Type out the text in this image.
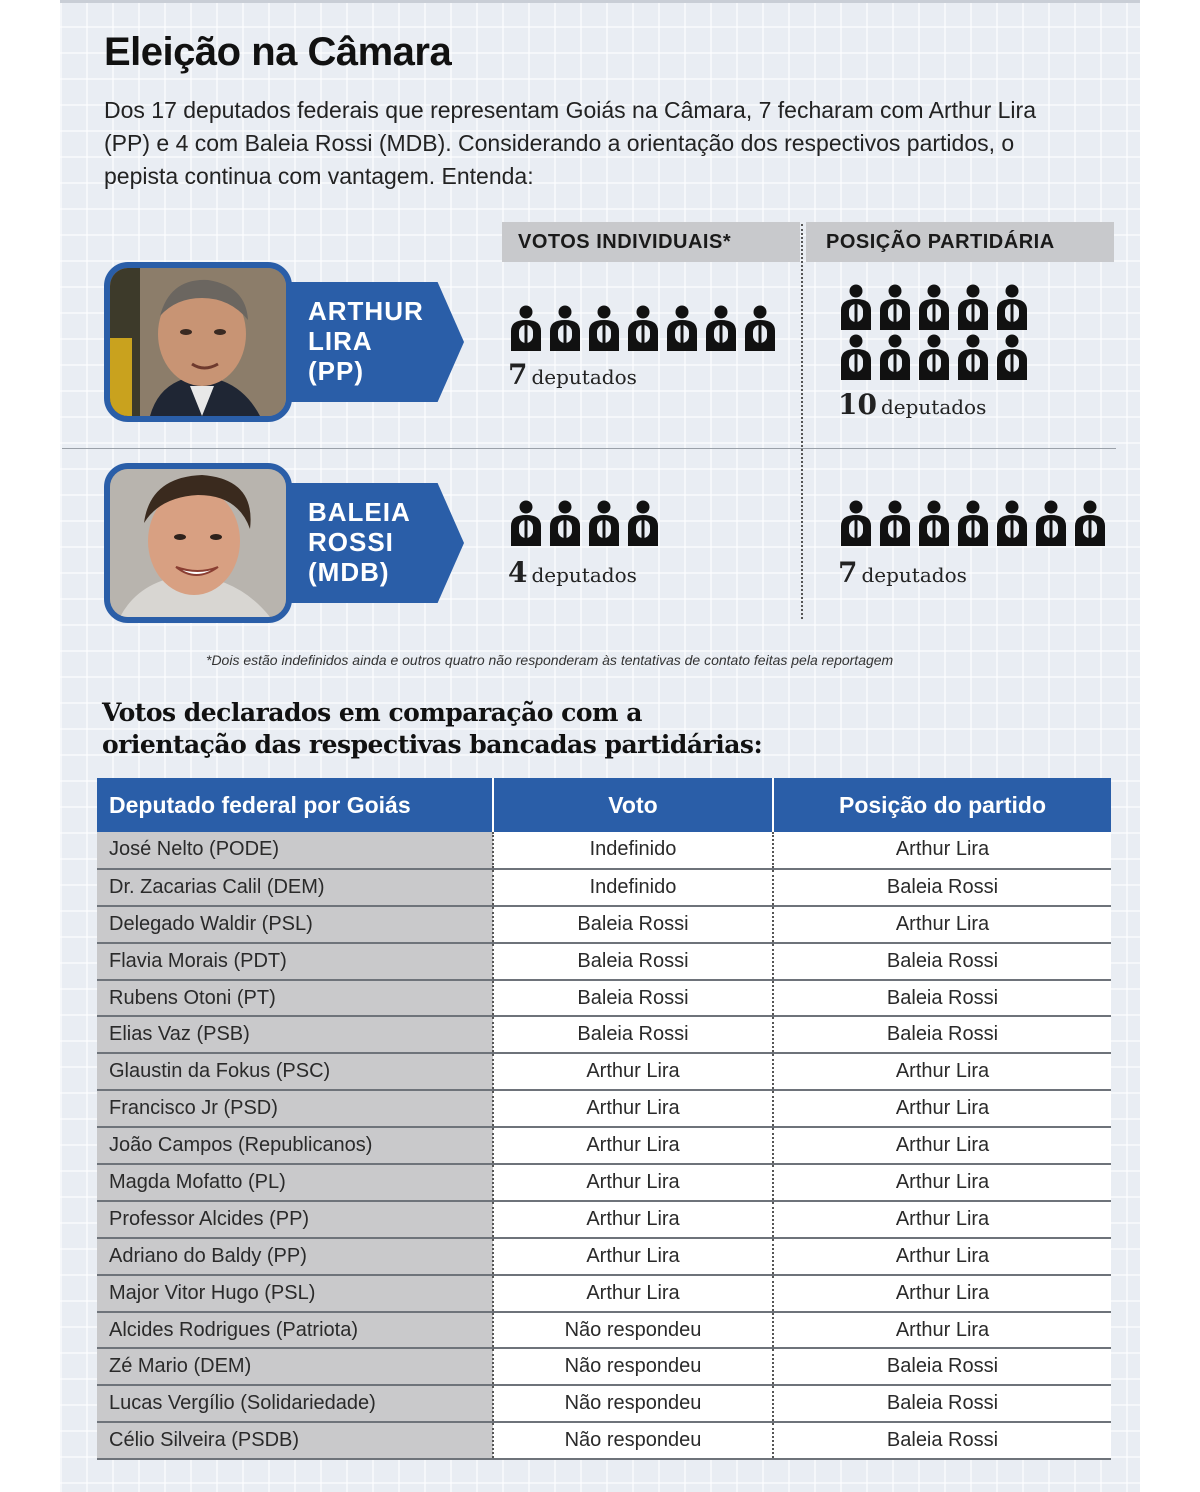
Eleição na Câmara

Dos 17 deputados federais que representam Goiás na Câmara, 7 fecharam com Arthur Lira (PP) e 4 com Baleia Rossi (MDB). Considerando a orientação dos respectivos partidos, o pepista continua com vantagem. Entenda:

VOTOS INDIVIDUAIS*	POSIÇÃO PARTIDÁRIA
ARTHUR
LIRA
(PP)
BALEIA
ROSSI
(MDB)
7 deputados
10 deputados
4 deputados	7 deputados

*Dois estão indefinidos ainda e outros quatro não responderam às tentativas de contato feitas pela reportagem

Votos declarados em comparação com a
orientação das respectivas bancadas partidárias:
Deputado federal por Goiás	Voto	Posição do partido
José Nelto (PODE)	Indefinido	Arthur Lira
Dr. Zacarias Calil (DEM)	Indefinido	Baleia Rossi
Delegado Waldir (PSL)	Baleia Rossi	Arthur Lira
Flavia Morais (PDT)	Baleia Rossi	Baleia Rossi
Rubens Otoni (PT)	Baleia Rossi	Baleia Rossi
Elias Vaz (PSB)	Baleia Rossi	Baleia Rossi
Glaustin da Fokus (PSC)	Arthur Lira	Arthur Lira
Francisco Jr (PSD)	Arthur Lira	Arthur Lira
João Campos (Republicanos)	Arthur Lira	Arthur Lira
Magda Mofatto (PL)	Arthur Lira	Arthur Lira
Professor Alcides (PP)	Arthur Lira	Arthur Lira
Adriano do Baldy (PP)	Arthur Lira	Arthur Lira
Major Vitor Hugo (PSL)	Arthur Lira	Arthur Lira
Alcides Rodrigues (Patriota)	Não respondeu	Arthur Lira
Zé Mario (DEM)	Não respondeu	Baleia Rossi
Lucas Vergílio (Solidariedade)	Não respondeu	Baleia Rossi
Célio Silveira (PSDB)	Não respondeu	Baleia Rossi
